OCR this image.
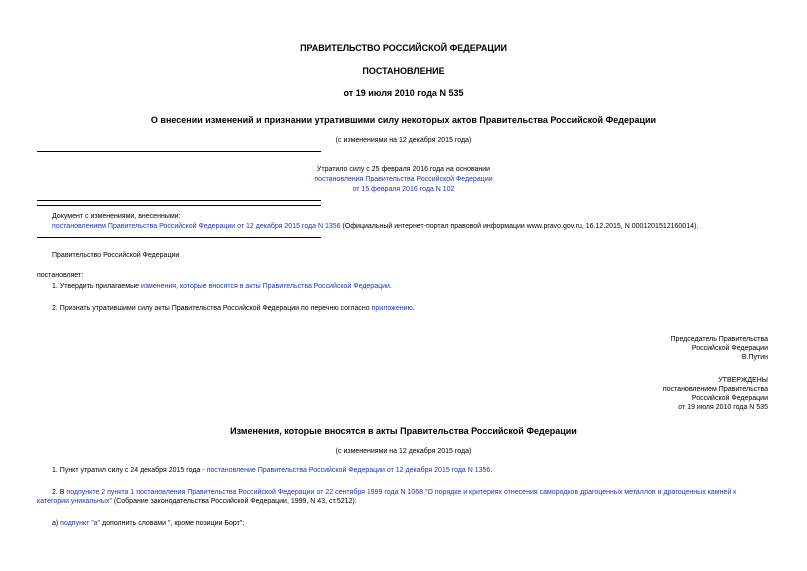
ПРАВИТЕЛЬСТВО РОССИЙСКОЙ ФЕДЕРАЦИИ
ПОСТАНОВЛЕНИЕ
от 19 июля 2010 года N 535
О внесении изменений и признании утратившими силу некоторых актов Правительства Российской Федерации
(с изменениями на 12 декабря 2015 года)
Утратило силу с 25 февраля 2016 года на основании
постановления Правительства Российской Федерации
от 15 февраля 2016 года N 102
Документ с изменениями, внесенными:
постановлением Правительства Российской Федерации от 12 декабря 2015 года N 1356 (Официальный интернет-портал правовой информации www.pravo.gov.ru, 16.12.2015, N 0001201512160014).
Правительство Российской Федерации
постановляет:
1. Утвердить прилагаемые изменения, которые вносятся в акты Правительства Российской Федерации.
2. Признать утратившими силу акты Правительства Российской Федерации по перечню согласно приложению.
Председатель Правительства
Российской Федерации
В.Путин
УТВЕРЖДЕНЫ
постановлением Правительства
Российской Федерации
от 19 июля 2010 года N 535
Изменения, которые вносятся в акты Правительства Российской Федерации
(с изменениями на 12 декабря 2015 года)
1. Пункт утратил силу с 24 декабря 2015 года - постановление Правительства Российской Федерации от 12 декабря 2015 года N 1356.
2. В подпункте 2 пункта 1 постановления Правительства Российской Федерации от 22 сентября 1999 года N 1068 "О порядке и критериях отнесения самородков драгоценных металлов и драгоценных камней к категории уникальных" (Собрание законодательства Российской Федерации, 1999, N 43, ст.5212):
а) подпункт "а" дополнить словами ", кроме позиции Борт";
